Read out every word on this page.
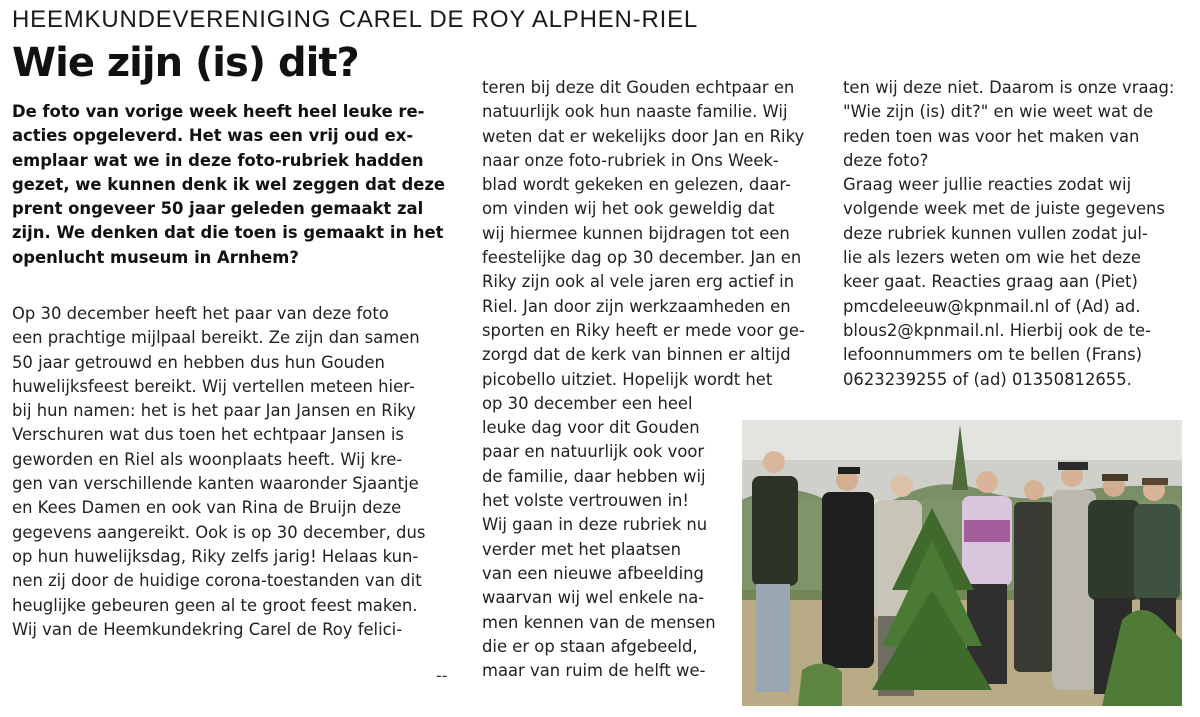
HEEMKUNDEVERENIGING CAREL DE ROY ALPHEN-RIEL
Wie zijn (is) dit?
De foto van vorige week heeft heel leuke re-
acties opgeleverd. Het was een vrij oud ex-
emplaar wat we in deze foto-rubriek hadden
gezet, we kunnen denk ik wel zeggen dat deze
prent ongeveer 50 jaar geleden gemaakt zal
zijn. We denken dat die toen is gemaakt in het
openlucht museum in Arnhem?
Op 30 december heeft het paar van deze foto
een prachtige mijlpaal bereikt. Ze zijn dan samen
50 jaar getrouwd en hebben dus hun Gouden
huwelijksfeest bereikt. Wij vertellen meteen hier-
bij hun namen: het is het paar Jan Jansen en Riky
Verschuren wat dus toen het echtpaar Jansen is
geworden en Riel als woonplaats heeft. Wij kre-
gen van verschillende kanten waaronder Sjaantje
en Kees Damen en ook van Rina de Bruijn deze
gegevens aangereikt. Ook is op 30 december, dus
op hun huwelijksdag, Riky zelfs jarig! Helaas kun-
nen zij door de huidige corona-toestanden van dit
heuglijke gebeuren geen al te groot feest maken.
Wij van de Heemkundekring Carel de Roy felici-
--
teren bij deze dit Gouden echtpaar en
natuurlijk ook hun naaste familie. Wij
weten dat er wekelijks door Jan en Riky
naar onze foto-rubriek in Ons Week-
blad wordt gekeken en gelezen, daar-
om vinden wij het ook geweldig dat
wij hiermee kunnen bijdragen tot een
feestelijke dag op 30 december. Jan en
Riky zijn ook al vele jaren erg actief in
Riel. Jan door zijn werkzaamheden en
sporten en Riky heeft er mede voor ge-
zorgd dat de kerk van binnen er altijd
picobello uitziet. Hopelijk wordt het
op 30 december een heel
leuke dag voor dit Gouden
paar en natuurlijk ook voor
de familie, daar hebben wij
het volste vertrouwen in!
Wij gaan in deze rubriek nu
verder met het plaatsen
van een nieuwe afbeelding
waarvan wij wel enkele na-
men kennen van de mensen
die er op staan afgebeeld,
maar van ruim de helft we-
ten wij deze niet. Daarom is onze vraag:
"Wie zijn (is) dit?" en wie weet wat de
reden toen was voor het maken van
deze foto?
Graag weer jullie reacties zodat wij
volgende week met de juiste gegevens
deze rubriek kunnen vullen zodat jul-
lie als lezers weten om wie het deze
keer gaat. Reacties graag aan (Piet)
pmcdeleeuw@kpnmail.nl of (Ad) ad.
blous2@kpnmail.nl. Hierbij ook de te-
lefoonnummers om te bellen (Frans)
0623239255 of (ad) 01350812655.
